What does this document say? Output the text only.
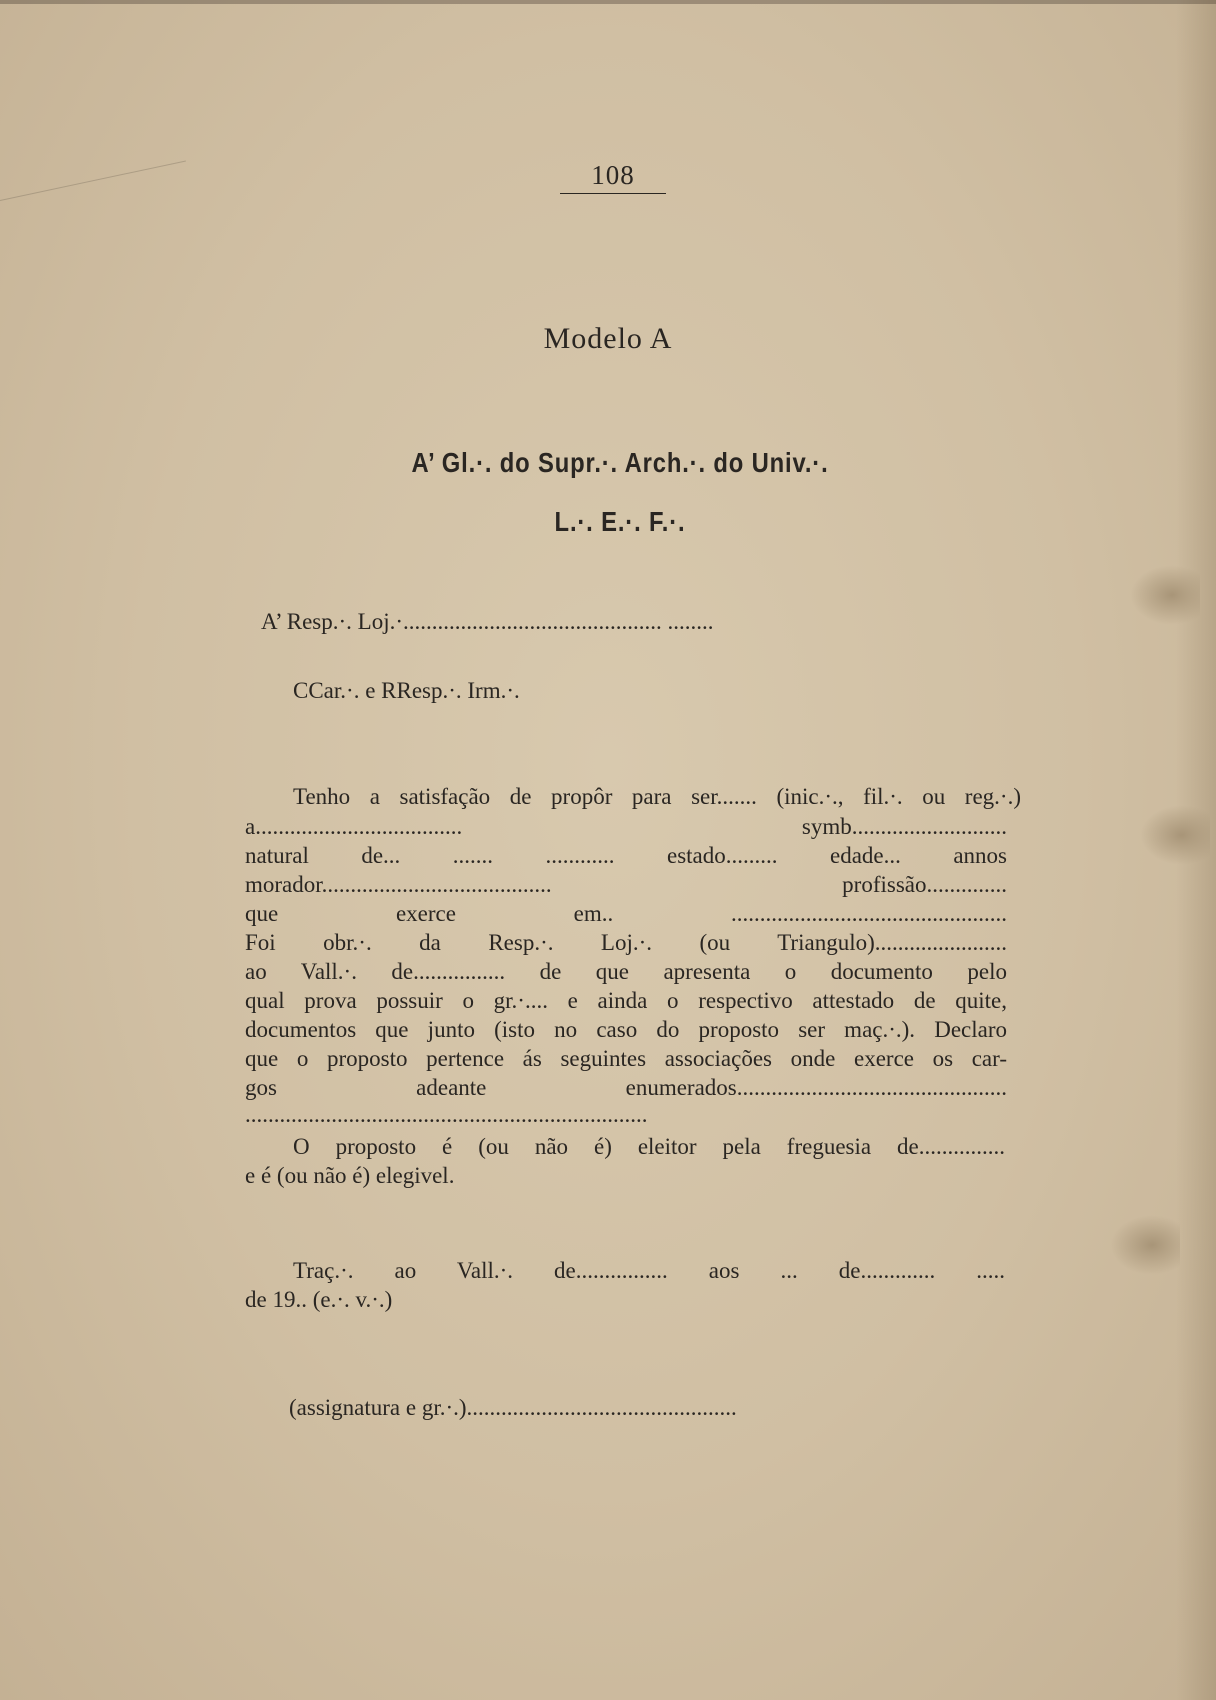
108
Modelo A
A’ Gl.·. do Supr.·. Arch.·. do Univ.·.
L.·. E.·. F.·.
A’ Resp.·. Loj.·............................................. ........
CCar.·. e RResp.·. Irm.·.
Tenho a satisfação de propôr para ser....... (inic.·., fil.·. ou reg.·.)
a.................................... symb...........................
natural de... ....... ............ estado......... edade... annos
morador........................................ profissão..............
que exerce em.. ................................................
Foi obr.·. da Resp.·. Loj.·. (ou Triangulo).......................
ao Vall.·. de................ de que apresenta o documento pelo
qual prova possuir o gr.·.... e ainda o respectivo attestado de quite,
documentos que junto (isto no caso do proposto ser maç.·.). Declaro
que o proposto pertence ás seguintes associações onde exerce os car-
gos adeante enumerados...............................................
......................................................................
O proposto é (ou não é) eleitor pela freguesia de...............
e é (ou não é) elegivel.
Traç.·. ao Vall.·. de................ aos ... de............. .....
de 19.. (e.·. v.·.)
(assignatura e gr.·.)...............................................
